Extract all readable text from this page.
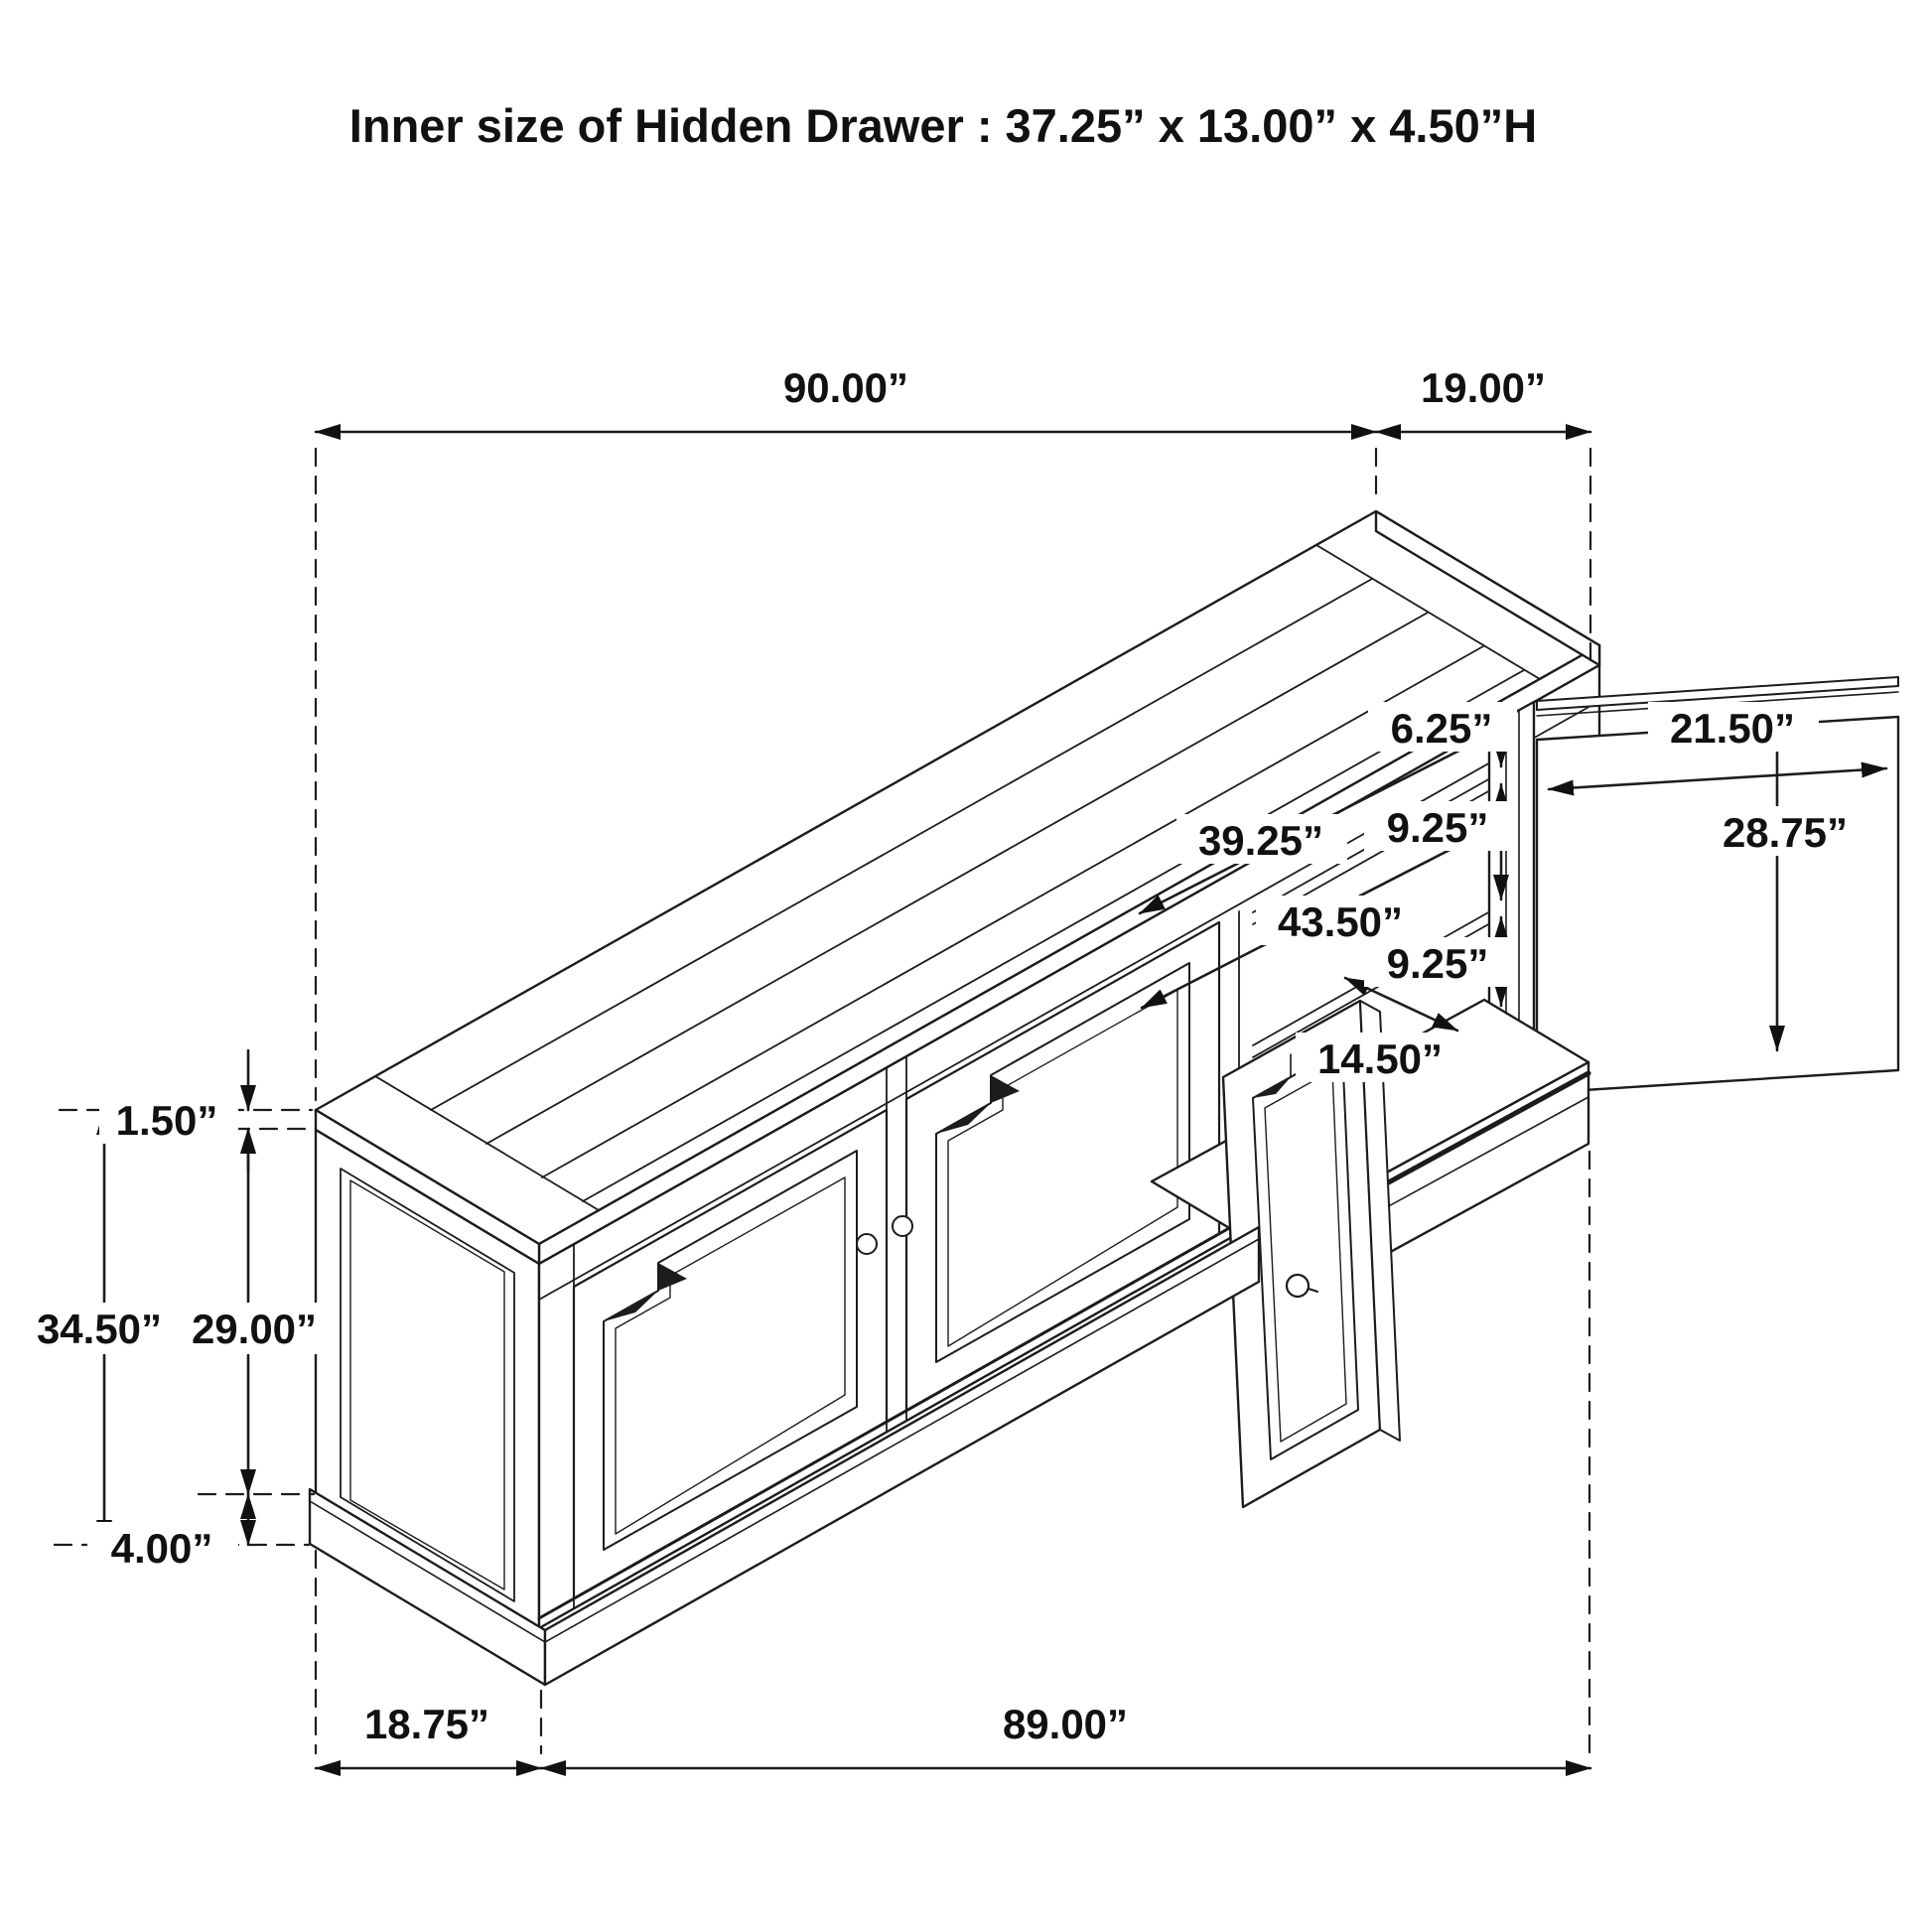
90.00”	19.00”
6.25”
9.25”
9.25”
39.25”
43.50”
14.50”
21.50”
28.75”
1.50”
34.50” 29.00”
4.00”
18.75”	89.00”
Inner size of Hidden Drawer : 37.25” x 13.00” x 4.50”H
